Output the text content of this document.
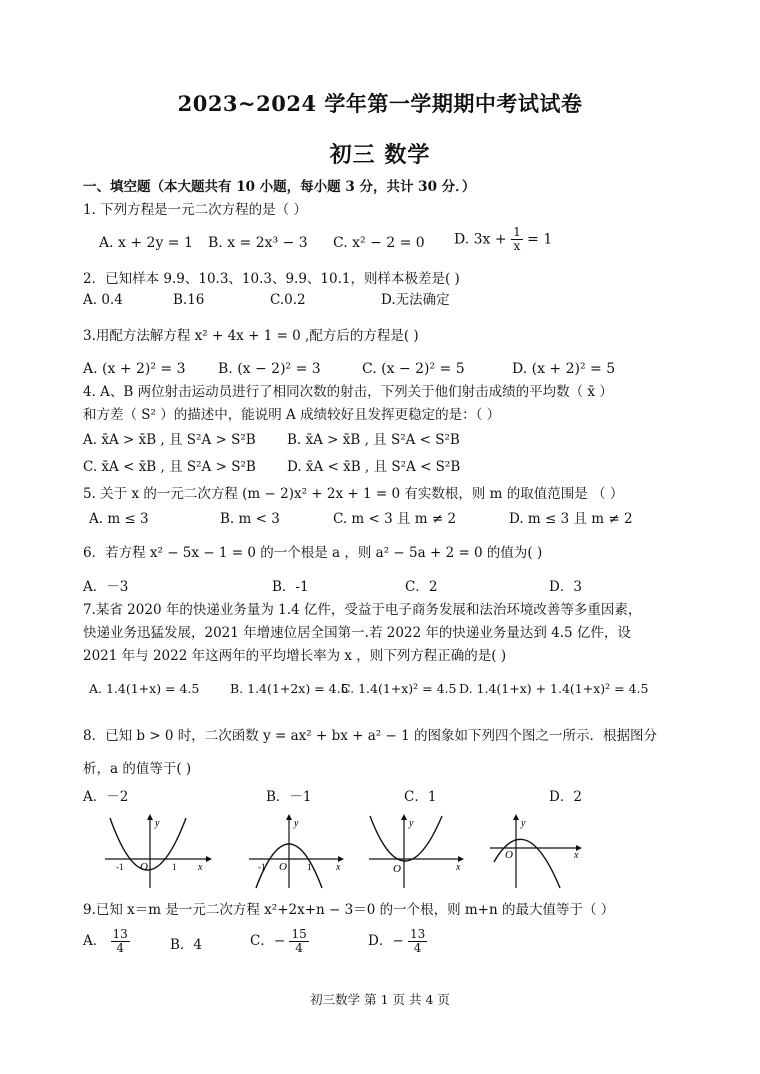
2023~2024 学年第一学期期中考试试卷
初三 数学
一、填空题（本大题共有 10 小题，每小题 3 分，共计 30 分．）
1. 下列方程是一元二次方程的是（ ）
A. x + 2y = 1 B. x = 2x³ − 3 C. x² − 2 = 0 D. $3x + \frac{1}{x} = 1$
2．已知样本 9.9、10.3、10.3、9.9、10.1，则样本极差是( )
A. 0.4	B.16	C.0.2	D.无法确定
3.用配方法解方程 x² + 4x + 1 = 0 ,配方后的方程是( )
A. (x + 2)² = 3 B. (x − 2)² = 3	C. (x − 2)² = 5	D. (x + 2)² = 5
4. A、B 两位射击运动员进行了相同次数的射击，下列关于他们射击成绩的平均数（ x̄ ）
和方差（ S² ）的描述中，能说明 A 成绩较好且发挥更稳定的是：（ ）
A. x̄A > x̄B , 且 S²A > S²B B. x̄A > x̄B , 且 S²A < S²B
C. x̄A < x̄B , 且 S²A > S²B D. x̄A < x̄B , 且 S²A < S²B
5. 关于 x 的一元二次方程 (m − 2)x² + 2x + 1 = 0 有实数根，则 m 的取值范围是 （ ）
A. m ≤ 3	B. m < 3	C. m < 3 且 m ≠ 2	D. m ≤ 3 且 m ≠ 2
6．若方程 x² − 5x − 1 = 0 的一个根是 a ，则 a² − 5a + 2 = 0 的值为( )
A．－3	B．-1	C．2	D．3
7.某省 2020 年的快递业务量为 1.4 亿件，受益于电子商务发展和法治环境改善等多重因素，
快递业务迅猛发展，2021 年增速位居全国第一.若 2022 年的快递业务量达到 4.5 亿件，设
2021 年与 2022 年这两年的平均增长率为 x ，则下列方程正确的是( )
A. 1.4(1+x) = 4.5 B. 1.4(1+2x) = 4.5
C. 1.4(1+x)² = 4.5 D. 1.4(1+x) + 1.4(1+x)² = 4.5
8．已知 b > 0 时，二次函数 y = ax² + bx + a² − 1 的图象如下列四个图之一所示．根据图分
析，a 的值等于( )
A．－2	B．－1	C．1	D．2
y
x
O
-1	1
y
x
O
-1	1
y
x
O
y
x
O
9.已知 x＝m 是一元二次方程 x²+2x+n − 3＝0 的一个根，则 m+n 的最大值等于（ ）
A． $\frac{13}{4}$	B．4	C．− $\frac{15}{4}$	D．− $\frac{13}{4}$
初三数学 第 1 页 共 4 页
